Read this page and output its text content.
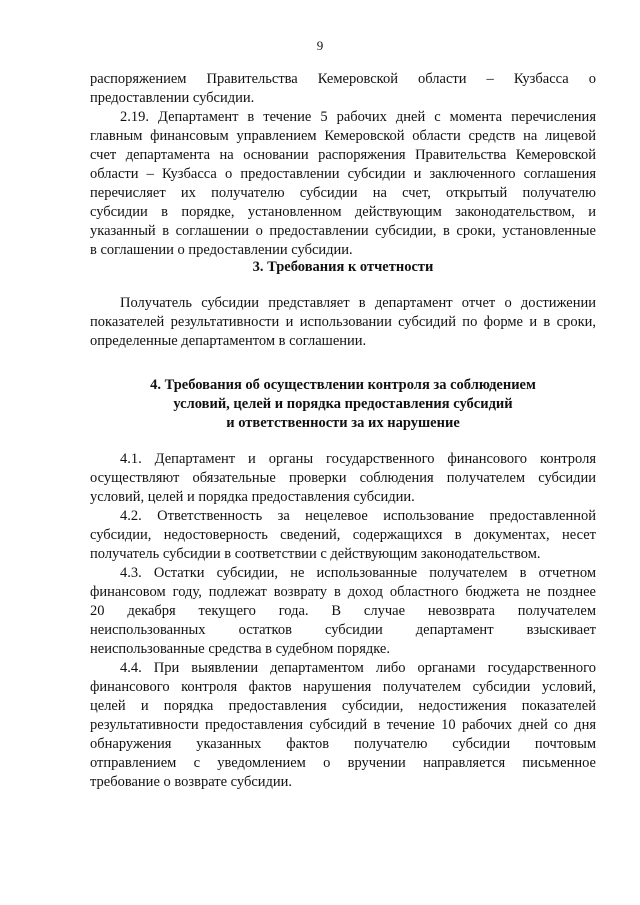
9
распоряжением Правительства Кемеровской области – Кузбасса о
предоставлении субсидии.
2.19. Департамент в течение 5 рабочих дней с момента перечисления
главным финансовым управлением Кемеровской области средств на лицевой
счет департамента на основании распоряжения Правительства Кемеровской
области – Кузбасса о предоставлении субсидии и заключенного соглашения
перечисляет их получателю субсидии на счет, открытый получателю
субсидии в порядке, установленном действующим законодательством, и
указанный в соглашении о предоставлении субсидии, в сроки, установленные
в соглашении о предоставлении субсидии.
3. Требования к отчетности
Получатель субсидии представляет в департамент отчет о достижении
показателей результативности и использовании субсидий по форме и в сроки,
определенные департаментом в соглашении.
4. Требования об осуществлении контроля за соблюдением
условий, целей и порядка предоставления субсидий
и ответственности за их нарушение
4.1. Департамент и органы государственного финансового контроля
осуществляют обязательные проверки соблюдения получателем субсидии
условий, целей и порядка предоставления субсидии.
4.2. Ответственность за нецелевое использование предоставленной
субсидии, недостоверность сведений, содержащихся в документах, несет
получатель субсидии в соответствии с действующим законодательством.
4.3. Остатки субсидии, не использованные получателем в отчетном
финансовом году, подлежат возврату в доход областного бюджета не позднее
20 декабря текущего года. В случае невозврата получателем
неиспользованных остатков субсидии департамент взыскивает
неиспользованные средства в судебном порядке.
4.4. При выявлении департаментом либо органами государственного
финансового контроля фактов нарушения получателем субсидии условий,
целей и порядка предоставления субсидии, недостижения показателей
результативности предоставления субсидий в течение 10 рабочих дней со дня
обнаружения указанных фактов получателю субсидии почтовым
отправлением с уведомлением о вручении направляется письменное
требование о возврате субсидии.
